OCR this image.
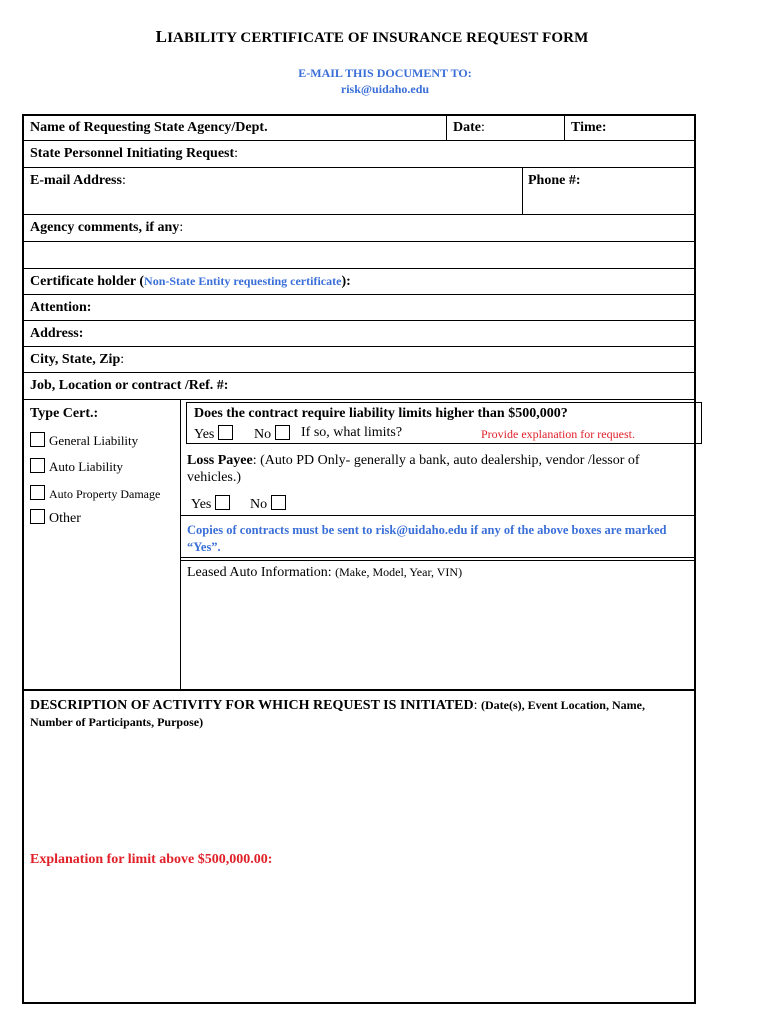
LIABILITY CERTIFICATE OF INSURANCE REQUEST FORM
E-MAIL THIS DOCUMENT TO:
risk@uidaho.edu
Name of Requesting State Agency/Dept.	Date:	Time:
State Personnel Initiating Request:
E-mail Address:	Phone #:
Agency comments, if any:
Certificate holder (Non-State Entity requesting certificate):
Attention:
Address:
City, State, Zip:
Job, Location or contract /Ref. #:
Type Cert.:
General Liability
Auto Liability
Auto Property Damage
Other
Does the contract require liability limits higher than $500,000?
Yes	No	If so, what limits?	Provide explanation for request.
Loss Payee: (Auto PD Only- generally a bank, auto dealership, vendor /lessor of vehicles.)
Yes	No
Copies of contracts must be sent to risk@uidaho.edu if any of the above boxes are marked “Yes”.
Leased Auto Information: (Make, Model, Year, VIN)
DESCRIPTION OF ACTIVITY FOR WHICH REQUEST IS INITIATED: (Date(s), Event Location, Name, Number of Participants, Purpose)
Explanation for limit above $500,000.00:
